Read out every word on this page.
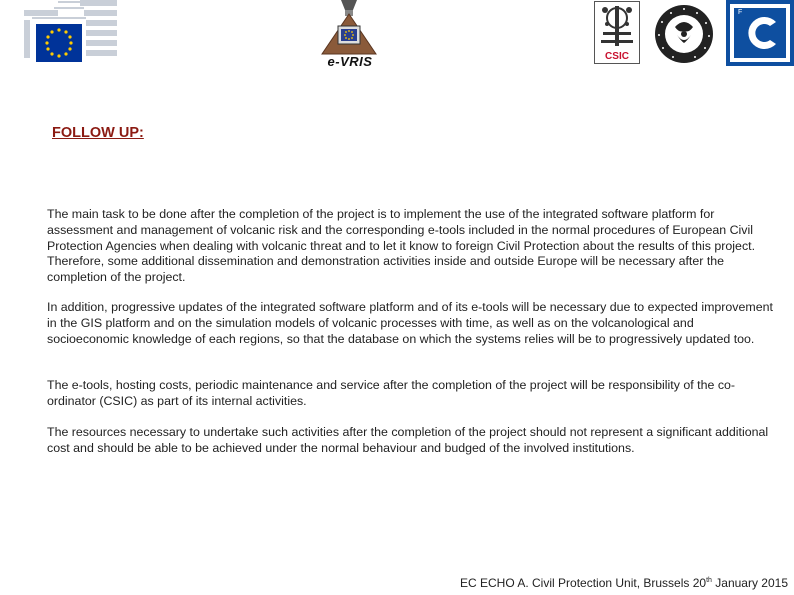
e-VRIS	CSIC
F
FOLLOW UP:

The main task to be done after the completion of the project is to implement the use of the integrated software platform for assessment and management of volcanic risk and the corresponding e-tools included in the normal procedures of European Civil Protection Agencies when dealing with volcanic threat and to let it know to foreign Civil Protection about the results of this project. Therefore, some additional dissemination and demonstration activities inside and outside Europe will be necessary after the completion of the project.

In addition, progressive updates of the integrated software platform and of its e-tools will be necessary due to expected improvement in the GIS platform and on the simulation models of volcanic processes with time, as well as on the volcanological and socioeconomic knowledge of each regions, so that the database on which the systems relies will be to progressively updated too.

The e-tools, hosting costs, periodic maintenance and service after the completion of the project will be responsibility of the co-ordinator (CSIC) as part of its internal activities.

The resources necessary to undertake such activities after the completion of the project should not represent a significant additional cost and should be able to be achieved under the normal behaviour and budged of the involved institutions.

EC ECHO A. Civil Protection Unit, Brussels 20th January 2015
